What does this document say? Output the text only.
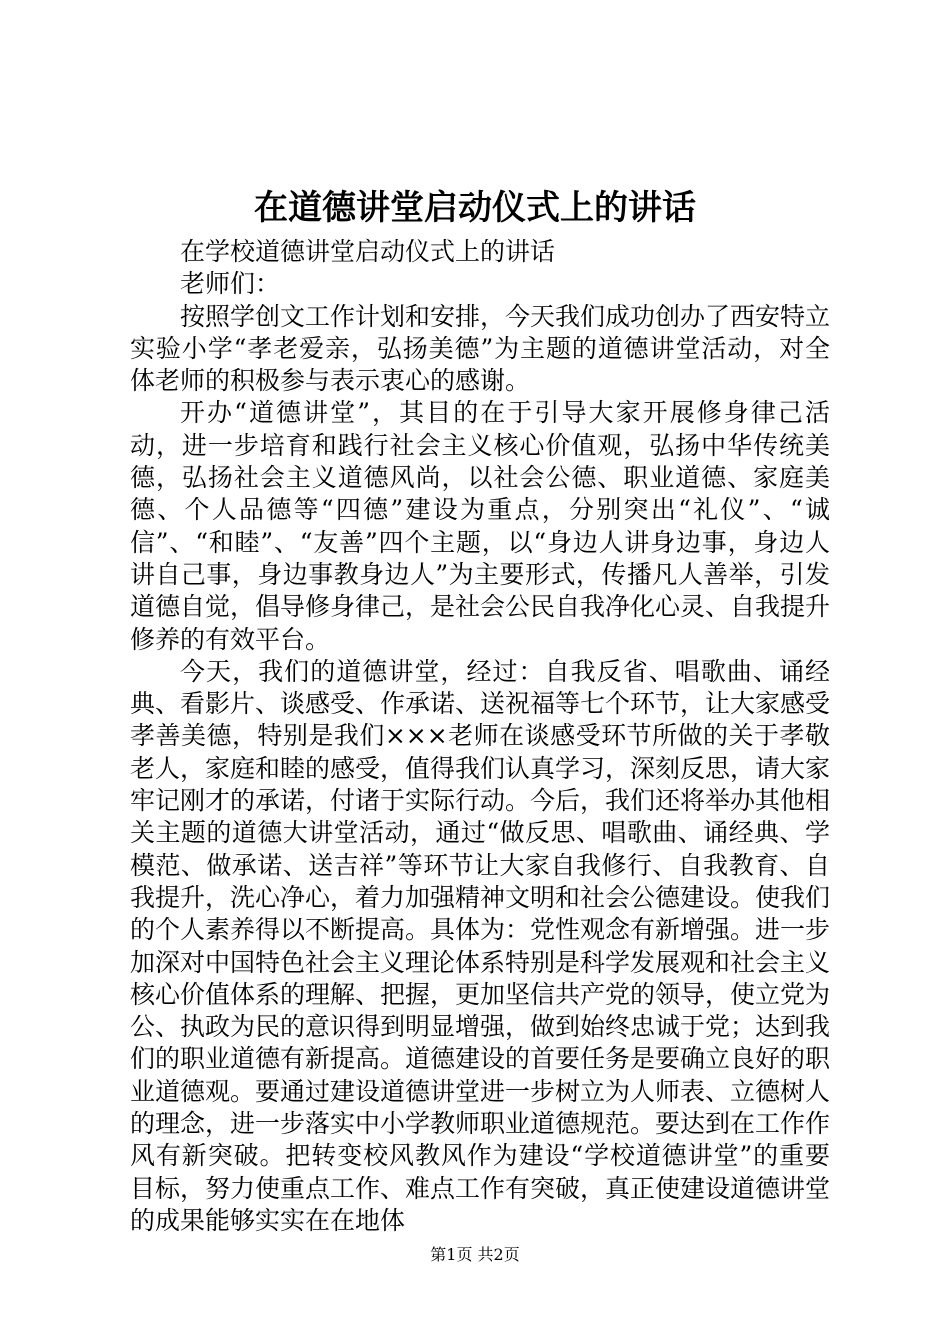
在道德讲堂启动仪式上的讲话

在学校道德讲堂启动仪式上的讲话

老师们：

按照学创文工作计划和安排，今天我们成功创办了西安特立实验小学“孝老爱亲，弘扬美德”为主题的道德讲堂活动，对全体老师的积极参与表示衷心的感谢。

开办“道德讲堂”，其目的在于引导大家开展修身律己活动，进一步培育和践行社会主义核心价值观，弘扬中华传统美德，弘扬社会主义道德风尚，以社会公德、职业道德、家庭美德、个人品德等“四德”建设为重点，分别突出“礼仪”、“诚信”、“和睦”、“友善”四个主题，以“身边人讲身边事，身边人讲自己事，身边事教身边人”为主要形式，传播凡人善举，引发道德自觉，倡导修身律己，是社会公民自我净化心灵、自我提升修养的有效平台。

今天，我们的道德讲堂，经过：自我反省、唱歌曲、诵经典、看影片、谈感受、作承诺、送祝福等七个环节，让大家感受孝善美德，特别是我们×××老师在谈感受环节所做的关于孝敬老人，家庭和睦的感受，值得我们认真学习，深刻反思，请大家牢记刚才的承诺，付诸于实际行动。今后，我们还将举办其他相关主题的道德大讲堂活动，通过“做反思、唱歌曲、诵经典、学模范、做承诺、送吉祥”等环节让大家自我修行、自我教育、自我提升，洗心净心，着力加强精神文明和社会公德建设。使我们的个人素养得以不断提高。具体为：党性观念有新增强。进一步加深对中国特色社会主义理论体系特别是科学发展观和社会主义核心价值体系的理解、把握，更加坚信共产党的领导，使立党为公、执政为民的意识得到明显增强，做到始终忠诚于党；达到我们的职业道德有新提高。道德建设的首要任务是要确立良好的职业道德观。要通过建设道德讲堂进一步树立为人师表、立德树人的理念，进一步落实中小学教师职业道德规范。要达到在工作作风有新突破。把转变校风教风作为建设“学校道德讲堂”的重要目标，努力使重点工作、难点工作有突破，真正使建设道德讲堂的成果能够实实在在地体

第1页 共2页
